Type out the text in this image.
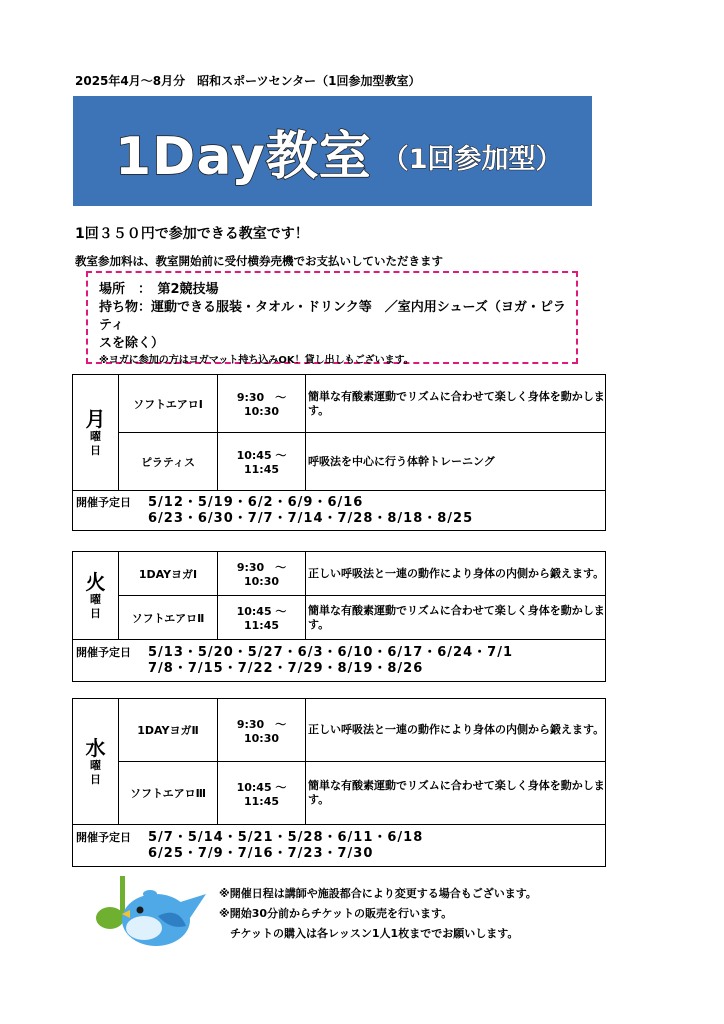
2025年4月～8月分　昭和スポーツセンター（1回参加型教室）
1Day教室 （1回参加型）
1回３５０円で参加できる教室です！
教室参加料は、教室開始前に受付横券売機でお支払いしていただきます
場所　：　第2競技場
持ち物：運動できる服装・タオル・ドリンク等　／室内用シューズ（ヨガ・ピラティ
スを除く）
※ヨガに参加の方はヨガマット持ち込みOK！貸し出しもございます。
月
曜
日	ソフトエアロⅠ	9:30　～ 10:30	簡単な有酸素運動でリズムに合わせて楽しく身体を動かします。
	ピラティス	10:45 ～ 11:45	呼吸法を中心に行う体幹トレーニング
開催予定日 5/12・5/19・6/2・6/9・6/16
6/23・6/30・7/7・7/14・7/28・8/18・8/25			
火
曜
日	1DAYヨガⅠ	9:30　～ 10:30	正しい呼吸法と一連の動作により身体の内側から鍛えます。
	ソフトエアロⅡ	10:45 ～ 11:45	簡単な有酸素運動でリズムに合わせて楽しく身体を動かします。
開催予定日 5/13・5/20・5/27・6/3・6/10・6/17・6/24・7/1
7/8・7/15・7/22・7/29・8/19・8/26			
水
曜
日	1DAYヨガⅡ	9:30　～ 10:30	正しい呼吸法と一連の動作により身体の内側から鍛えます。
	ソフトエアロⅢ	10:45 ～ 11:45	簡単な有酸素運動でリズムに合わせて楽しく身体を動かします。
開催予定日 5/7・5/14・5/21・5/28・6/11・6/18
6/25・7/9・7/16・7/23・7/30			
※開催日程は講師や施設都合により変更する場合もございます。
※開始30分前からチケットの販売を行います。
　チケットの購入は各レッスン1人1枚まででお願いします。
